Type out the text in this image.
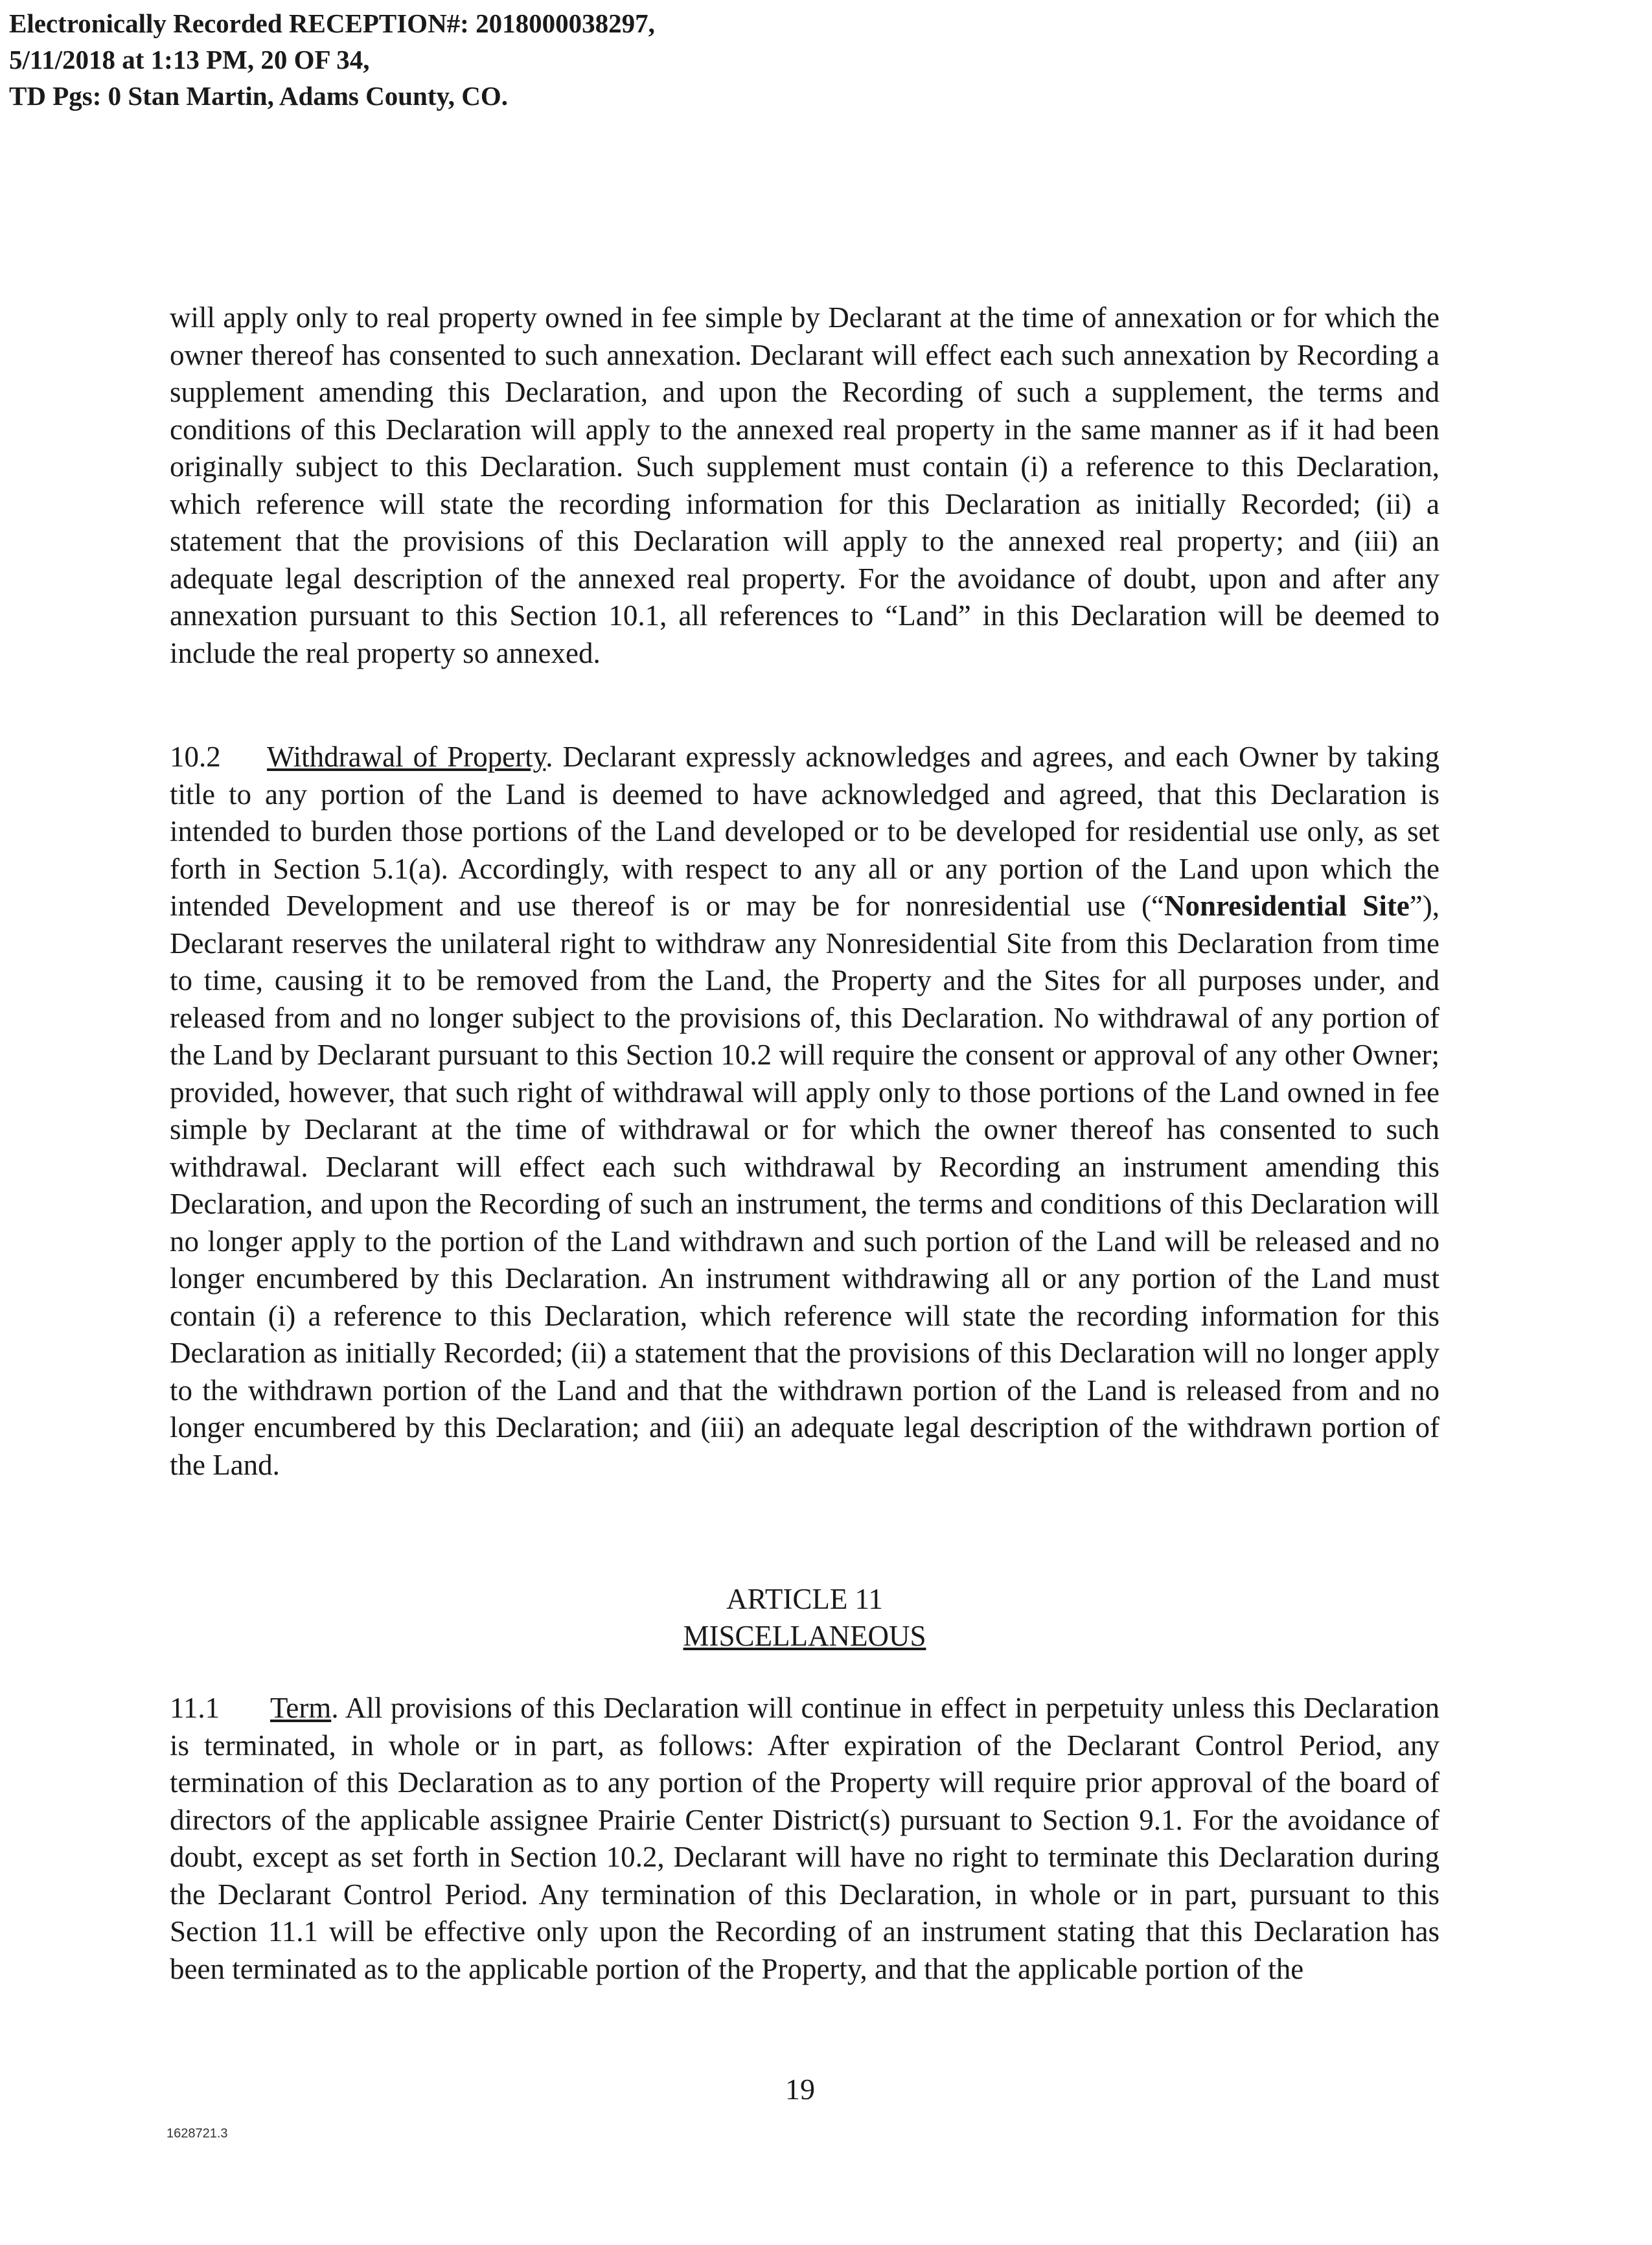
Electronically Recorded RECEPTION#: 2018000038297,
5/11/2018 at 1:13 PM, 20 OF 34,
TD Pgs: 0 Stan Martin, Adams County, CO.

will apply only to real property owned in fee simple by Declarant at the time of annexation or for which the owner thereof has consented to such annexation. Declarant will effect each such annexation by Recording a supplement amending this Declaration, and upon the Recording of such a supplement, the terms and conditions of this Declaration will apply to the annexed real property in the same manner as if it had been originally subject to this Declaration. Such supplement must contain (i) a reference to this Declaration, which reference will state the recording information for this Declaration as initially Recorded; (ii) a statement that the provisions of this Declaration will apply to the annexed real property; and (iii) an adequate legal description of the annexed real property. For the avoidance of doubt, upon and after any annexation pursuant to this Section 10.1, all references to “Land” in this Declaration will be deemed to include the real property so annexed.

10.2 Withdrawal of Property. Declarant expressly acknowledges and agrees, and each Owner by taking title to any portion of the Land is deemed to have acknowledged and agreed, that this Declaration is intended to burden those portions of the Land developed or to be developed for residential use only, as set forth in Section 5.1(a). Accordingly, with respect to any all or any portion of the Land upon which the intended Development and use thereof is or may be for nonresidential use (“Nonresidential Site”), Declarant reserves the unilateral right to withdraw any Nonresidential Site from this Declaration from time to time, causing it to be removed from the Land, the Property and the Sites for all purposes under, and released from and no longer subject to the provisions of, this Declaration. No withdrawal of any portion of the Land by Declarant pursuant to this Section 10.2 will require the consent or approval of any other Owner; provided, however, that such right of withdrawal will apply only to those portions of the Land owned in fee simple by Declarant at the time of withdrawal or for which the owner thereof has consented to such withdrawal. Declarant will effect each such withdrawal by Recording an instrument amending this Declaration, and upon the Recording of such an instrument, the terms and conditions of this Declaration will no longer apply to the portion of the Land withdrawn and such portion of the Land will be released and no longer encumbered by this Declaration. An instrument withdrawing all or any portion of the Land must contain (i) a reference to this Declaration, which reference will state the recording information for this Declaration as initially Recorded; (ii) a statement that the provisions of this Declaration will no longer apply to the withdrawn portion of the Land and that the withdrawn portion of the Land is released from and no longer encumbered by this Declaration; and (iii) an adequate legal description of the withdrawn portion of the Land.

ARTICLE 11
MISCELLANEOUS

11.1 Term. All provisions of this Declaration will continue in effect in perpetuity unless this Declaration is terminated, in whole or in part, as follows: After expiration of the Declarant Control Period, any termination of this Declaration as to any portion of the Property will require prior approval of the board of directors of the applicable assignee Prairie Center District(s) pursuant to Section 9.1. For the avoidance of doubt, except as set forth in Section 10.2, Declarant will have no right to terminate this Declaration during the Declarant Control Period. Any termination of this Declaration, in whole or in part, pursuant to this Section 11.1 will be effective only upon the Recording of an instrument stating that this Declaration has been terminated as to the applicable portion of the Property, and that the applicable portion of the

19
1628721.3
